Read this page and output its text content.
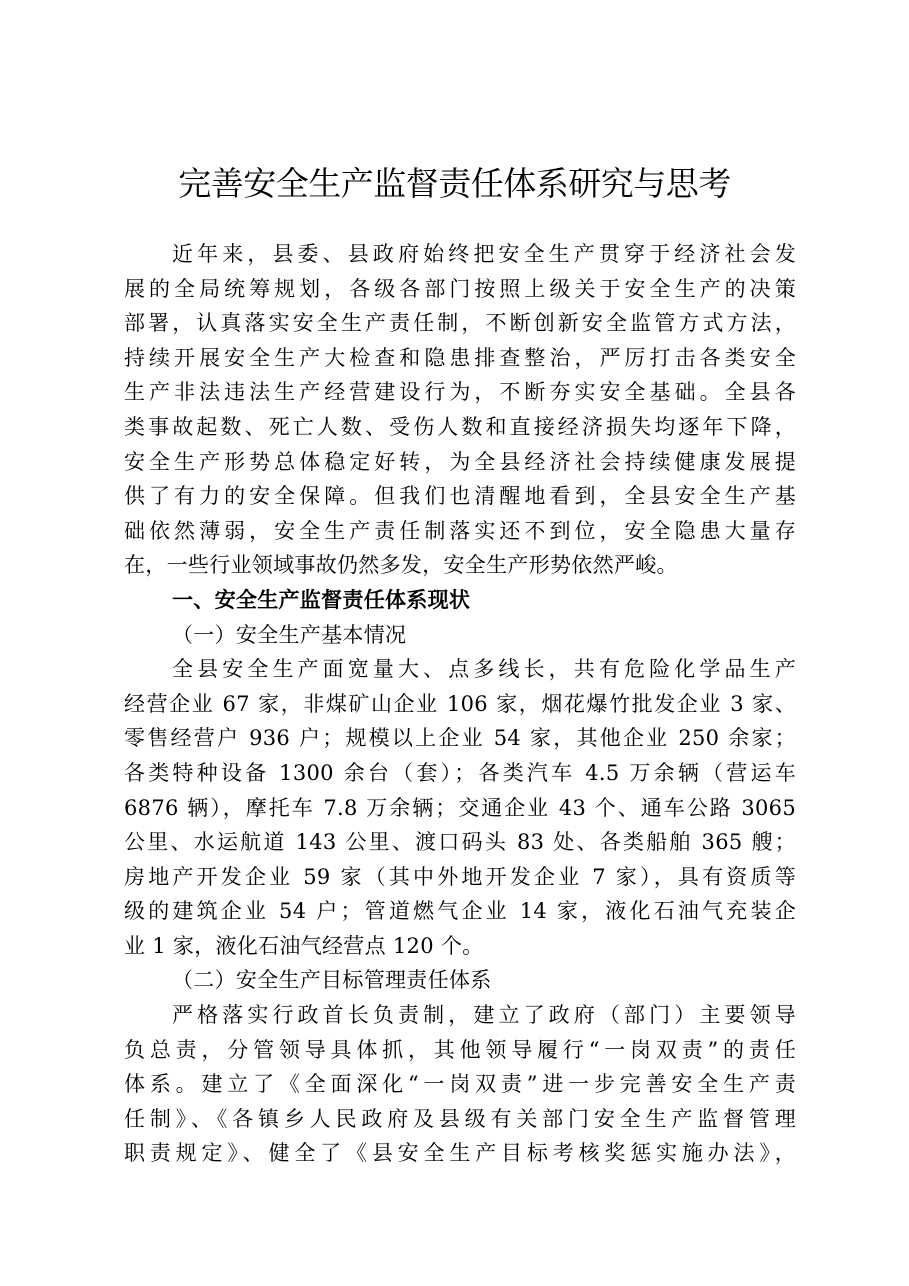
完善安全生产监督责任体系研究与思考
近年来，县委、县政府始终把安全生产贯穿于经济社会发
展的全局统筹规划，各级各部门按照上级关于安全生产的决策
部署，认真落实安全生产责任制，不断创新安全监管方式方法，
持续开展安全生产大检查和隐患排查整治，严厉打击各类安全
生产非法违法生产经营建设行为，不断夯实安全基础。全县各
类事故起数、死亡人数、受伤人数和直接经济损失均逐年下降，
安全生产形势总体稳定好转，为全县经济社会持续健康发展提
供了有力的安全保障。但我们也清醒地看到，全县安全生产基
础依然薄弱，安全生产责任制落实还不到位，安全隐患大量存
在，一些行业领域事故仍然多发，安全生产形势依然严峻。
一、安全生产监督责任体系现状
（一）安全生产基本情况
全县安全生产面宽量大、点多线长，共有危险化学品生产
经营企业 67 家，非煤矿山企业 106 家，烟花爆竹批发企业 3 家、
零售经营户 936 户；规模以上企业 54 家，其他企业 250 余家；
各类特种设备 1300 余台（套）；各类汽车 4.5 万余辆（营运车
6876 辆），摩托车 7.8 万余辆；交通企业 43 个、通车公路 3065
公里、水运航道 143 公里、渡口码头 83 处、各类船舶 365 艘；
房地产开发企业 59 家（其中外地开发企业 7 家），具有资质等
级的建筑企业 54 户；管道燃气企业 14 家，液化石油气充装企
业 1 家，液化石油气经营点 120 个。
（二）安全生产目标管理责任体系
严格落实行政首长负责制，建立了政府（部门）主要领导
负总责，分管领导具体抓，其他领导履行“一岗双责”的责任
体系。建立了《全面深化“一岗双责”进一步完善安全生产责
任制》、《各镇乡人民政府及县级有关部门安全生产监督管理
职责规定》、健全了《县安全生产目标考核奖惩实施办法》，
